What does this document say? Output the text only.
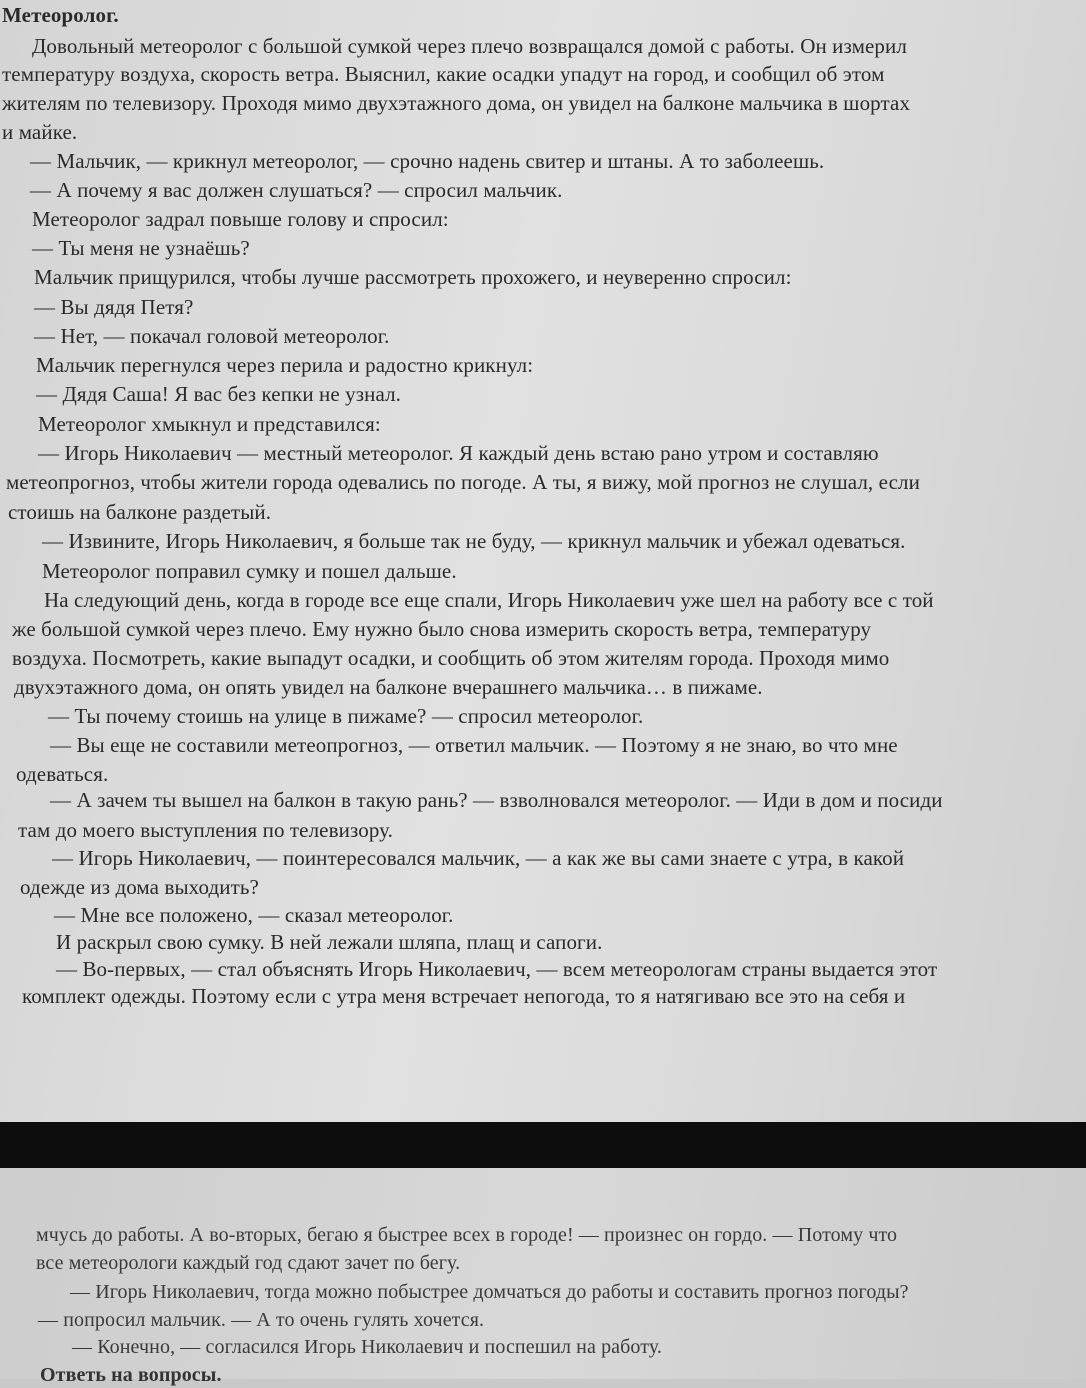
Метеоролог.

Довольный метеоролог с большой сумкой через плечо возвращался домой с работы. Он измерил

температуру воздуха, скорость ветра. Выяснил, какие осадки упадут на город, и сообщил об этом

жителям по телевизору. Проходя мимо двухэтажного дома, он увидел на балконе мальчика в шортах

и майке.

— Мальчик, — крикнул метеоролог, — срочно надень свитер и штаны. А то заболеешь.

— А почему я вас должен слушаться? — спросил мальчик.

Метеоролог задрал повыше голову и спросил:

— Ты меня не узнаёшь?

Мальчик прищурился, чтобы лучше рассмотреть прохожего, и неуверенно спросил:

— Вы дядя Петя?

— Нет, — покачал головой метеоролог.

Мальчик перегнулся через перила и радостно крикнул:

— Дядя Саша! Я вас без кепки не узнал.

Метеоролог хмыкнул и представился:

— Игорь Николаевич — местный метеоролог. Я каждый день встаю рано утром и составляю

метеопрогноз, чтобы жители города одевались по погоде. А ты, я вижу, мой прогноз не слушал, если

стоишь на балконе раздетый.

— Извините, Игорь Николаевич, я больше так не буду, — крикнул мальчик и убежал одеваться.

Метеоролог поправил сумку и пошел дальше.

На следующий день, когда в городе все еще спали, Игорь Николаевич уже шел на работу все с той

же большой сумкой через плечо. Ему нужно было снова измерить скорость ветра, температуру

воздуха. Посмотреть, какие выпадут осадки, и сообщить об этом жителям города. Проходя мимо

двухэтажного дома, он опять увидел на балконе вчерашнего мальчика… в пижаме.

— Ты почему стоишь на улице в пижаме? — спросил метеоролог.

— Вы еще не составили метеопрогноз, — ответил мальчик. — Поэтому я не знаю, во что мне

одеваться.

— А зачем ты вышел на балкон в такую рань? — взволновался метеоролог. — Иди в дом и посиди

там до моего выступления по телевизору.

— Игорь Николаевич, — поинтересовался мальчик, — а как же вы сами знаете с утра, в какой

одежде из дома выходить?

— Мне все положено, — сказал метеоролог.

И раскрыл свою сумку. В ней лежали шляпа, плащ и сапоги.

— Во-первых, — стал объяснять Игорь Николаевич, — всем метеорологам страны выдается этот

комплект одежды. Поэтому если с утра меня встречает непогода, то я натягиваю все это на себя и

мчусь до работы. А во-вторых, бегаю я быстрее всех в городе! — произнес он гордо. — Потому что

все метеорологи каждый год сдают зачет по бегу.

— Игорь Николаевич, тогда можно побыстрее домчаться до работы и составить прогноз погоды?

— попросил мальчик. — А то очень гулять хочется.

— Конечно, — согласился Игорь Николаевич и поспешил на работу.

Ответь на вопросы.
